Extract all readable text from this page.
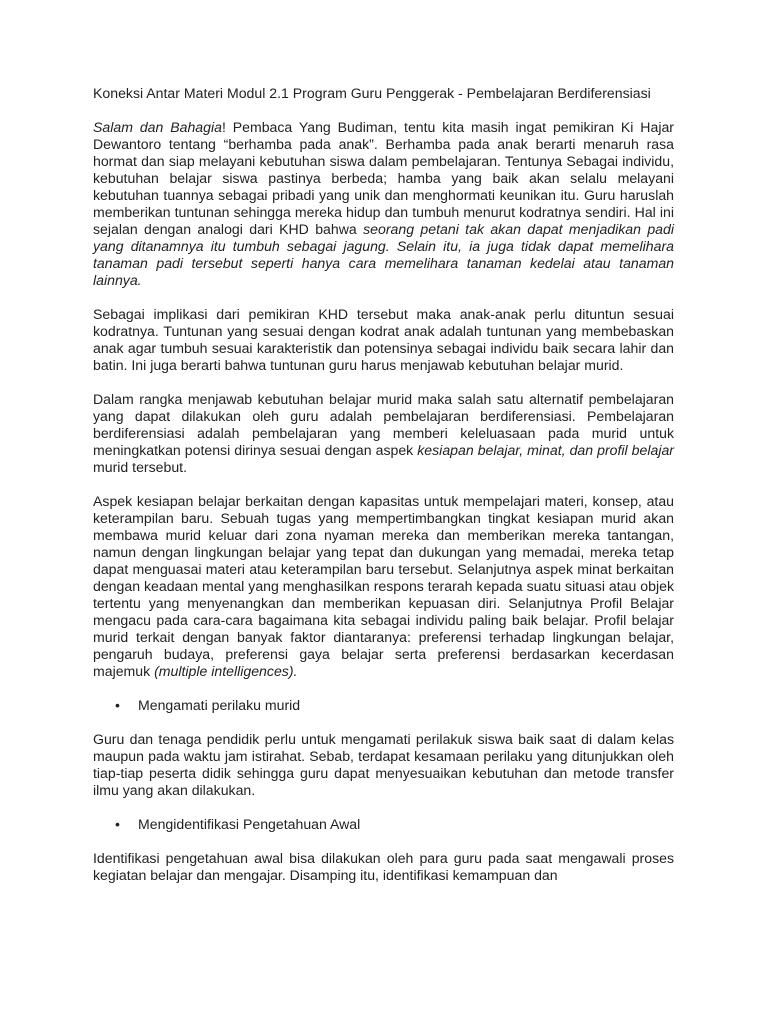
Koneksi Antar Materi Modul 2.1 Program Guru Penggerak - Pembelajaran Berdiferensiasi

Salam dan Bahagia! Pembaca Yang Budiman, tentu kita masih ingat pemikiran Ki Hajar Dewantoro tentang “berhamba pada anak”. Berhamba pada anak berarti menaruh rasa hormat dan siap melayani kebutuhan siswa dalam pembelajaran. Tentunya Sebagai individu, kebutuhan belajar siswa pastinya berbeda; hamba yang baik akan selalu melayani kebutuhan tuannya sebagai pribadi yang unik dan menghormati keunikan itu. Guru haruslah memberikan tuntunan sehingga mereka hidup dan tumbuh menurut kodratnya sendiri. Hal ini sejalan dengan analogi dari KHD bahwa seorang petani tak akan dapat menjadikan padi yang ditanamnya itu tumbuh sebagai jagung. Selain itu, ia juga tidak dapat memelihara tanaman padi tersebut seperti hanya cara memelihara tanaman kedelai atau tanaman lainnya.

Sebagai implikasi dari pemikiran KHD tersebut maka anak-anak perlu dituntun sesuai kodratnya. Tuntunan yang sesuai dengan kodrat anak adalah tuntunan yang membebaskan anak agar tumbuh sesuai karakteristik dan potensinya sebagai individu baik secara lahir dan batin. Ini juga berarti bahwa tuntunan guru harus menjawab kebutuhan belajar murid.

Dalam rangka menjawab kebutuhan belajar murid maka salah satu alternatif pembelajaran yang dapat dilakukan oleh guru adalah pembelajaran berdiferensiasi. Pembelajaran berdiferensiasi adalah pembelajaran yang memberi keleluasaan pada murid untuk meningkatkan potensi dirinya sesuai dengan aspek kesiapan belajar, minat, dan profil belajar murid tersebut.

Aspek kesiapan belajar berkaitan dengan kapasitas untuk mempelajari materi, konsep, atau keterampilan baru. Sebuah tugas yang mempertimbangkan tingkat kesiapan murid akan membawa murid keluar dari zona nyaman mereka dan memberikan mereka tantangan, namun dengan lingkungan belajar yang tepat dan dukungan yang memadai, mereka tetap dapat menguasai materi atau keterampilan baru tersebut. Selanjutnya aspek minat berkaitan dengan keadaan mental yang menghasilkan respons terarah kepada suatu situasi atau objek tertentu yang menyenangkan dan memberikan kepuasan diri. Selanjutnya Profil Belajar mengacu pada cara-cara bagaimana kita sebagai individu paling baik belajar. Profil belajar murid terkait dengan banyak faktor diantaranya: preferensi terhadap lingkungan belajar, pengaruh budaya, preferensi gaya belajar serta preferensi berdasarkan kecerdasan majemuk (multiple intelligences).

• Mengamati perilaku murid

Guru dan tenaga pendidik perlu untuk mengamati perilakuk siswa baik saat di dalam kelas maupun pada waktu jam istirahat. Sebab, terdapat kesamaan perilaku yang ditunjukkan oleh tiap-tiap peserta didik sehingga guru dapat menyesuaikan kebutuhan dan metode transfer ilmu yang akan dilakukan.

• Mengidentifikasi Pengetahuan Awal

Identifikasi pengetahuan awal bisa dilakukan oleh para guru pada saat mengawali proses kegiatan belajar dan mengajar. Disamping itu, identifikasi kemampuan dan
